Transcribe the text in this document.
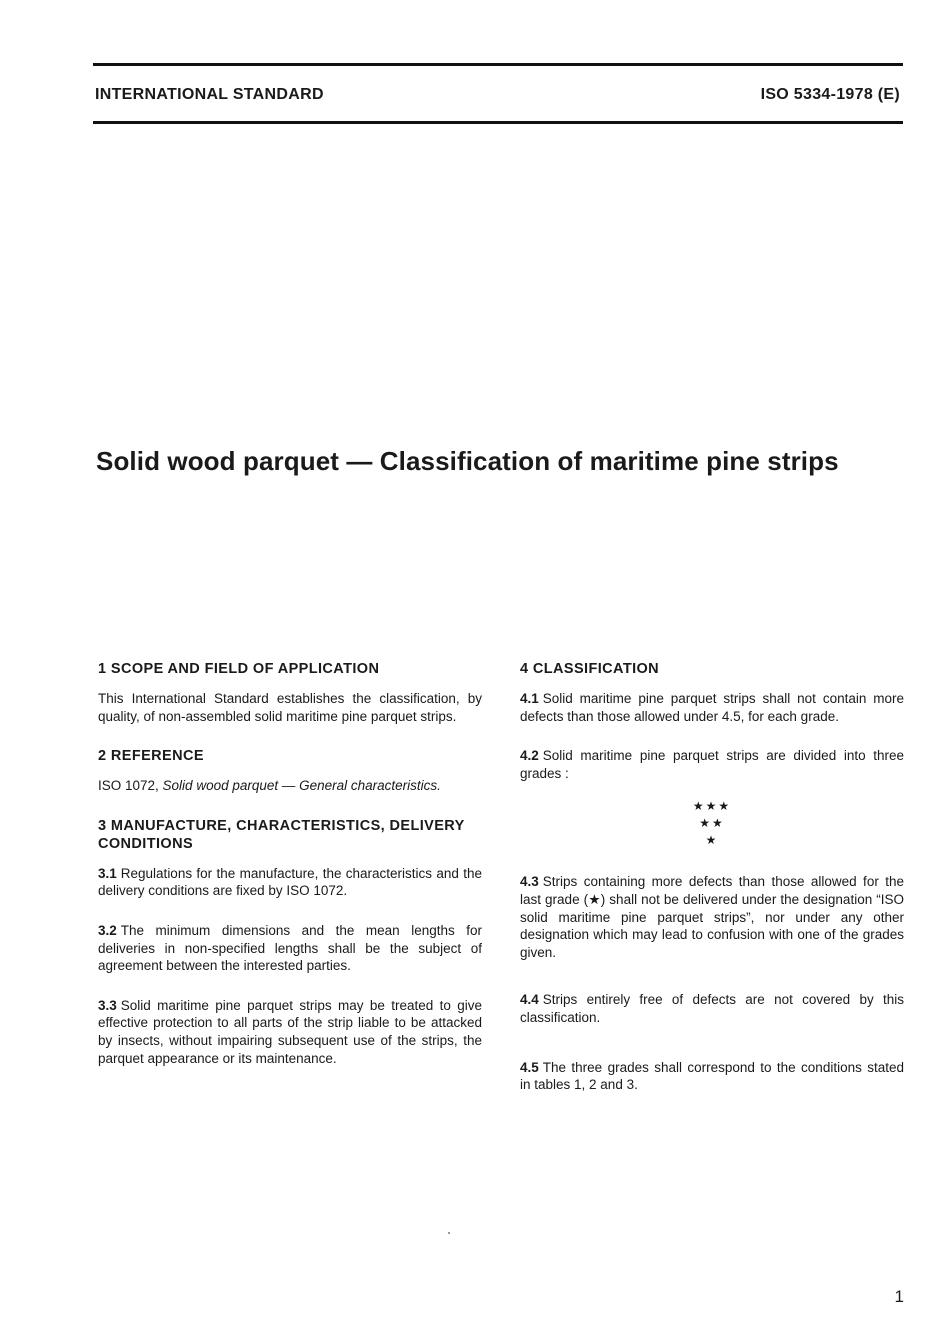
INTERNATIONAL STANDARD	ISO 5334-1978 (E)
Solid wood parquet — Classification of maritime pine strips
1 SCOPE AND FIELD OF APPLICATION
This International Standard establishes the classification, by quality, of non-assembled solid maritime pine parquet strips.
2 REFERENCE
ISO 1072, Solid wood parquet — General characteristics.
3 MANUFACTURE, CHARACTERISTICS, DELIVERY CONDITIONS
3.1 Regulations for the manufacture, the characteristics and the delivery conditions are fixed by ISO 1072.
3.2 The minimum dimensions and the mean lengths for deliveries in non-specified lengths shall be the subject of agreement between the interested parties.
3.3 Solid maritime pine parquet strips may be treated to give effective protection to all parts of the strip liable to be attacked by insects, without impairing subsequent use of the strips, the parquet appearance or its maintenance.
4 CLASSIFICATION
4.1 Solid maritime pine parquet strips shall not contain more defects than those allowed under 4.5, for each grade.
4.2 Solid maritime pine parquet strips are divided into three grades :
★★★
★★
★
4.3 Strips containing more defects than those allowed for the last grade (★) shall not be delivered under the designation “ISO solid maritime pine parquet strips”, nor under any other designation which may lead to confusion with one of the grades given.
4.4 Strips entirely free of defects are not covered by this classification.
4.5 The three grades shall correspond to the conditions stated in tables 1, 2 and 3.
1
